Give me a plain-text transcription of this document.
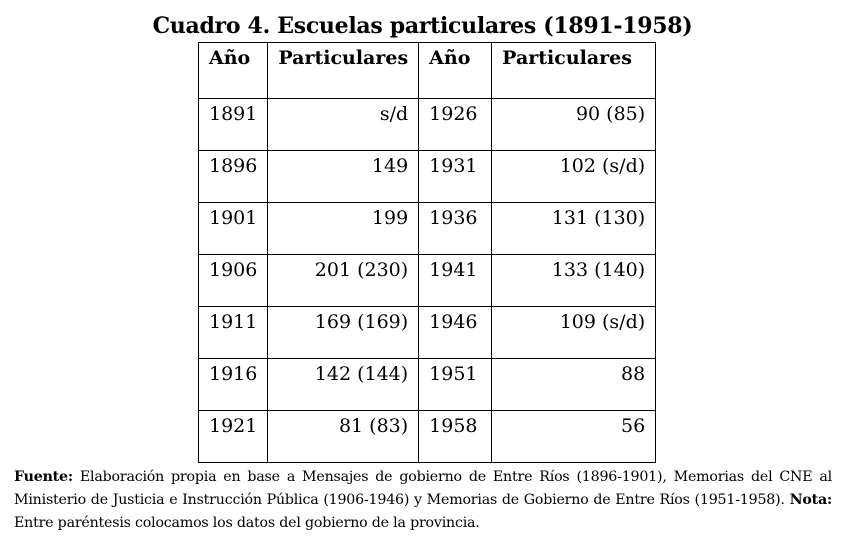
Cuadro 4. Escuelas particulares (1891-1958)
Año	Particulares	Año	Particulares
1891	s/d	1926	90 (85)
1896	149	1931	102 (s/d)
1901	199	1936	131 (130)
1906	201 (230)	1941	133 (140)
1911	169 (169)	1946	109 (s/d)
1916	142 (144)	1951	88
1921	81 (83)	1958	56
Fuente: Elaboración propia en base a Mensajes de gobierno de Entre Ríos (1896-1901), Memorias del CNE al Ministerio de Justicia e Instrucción Pública (1906-1946) y Memorias de Gobierno de Entre Ríos (1951-1958). Nota: Entre paréntesis colocamos los datos del gobierno de la provincia.
